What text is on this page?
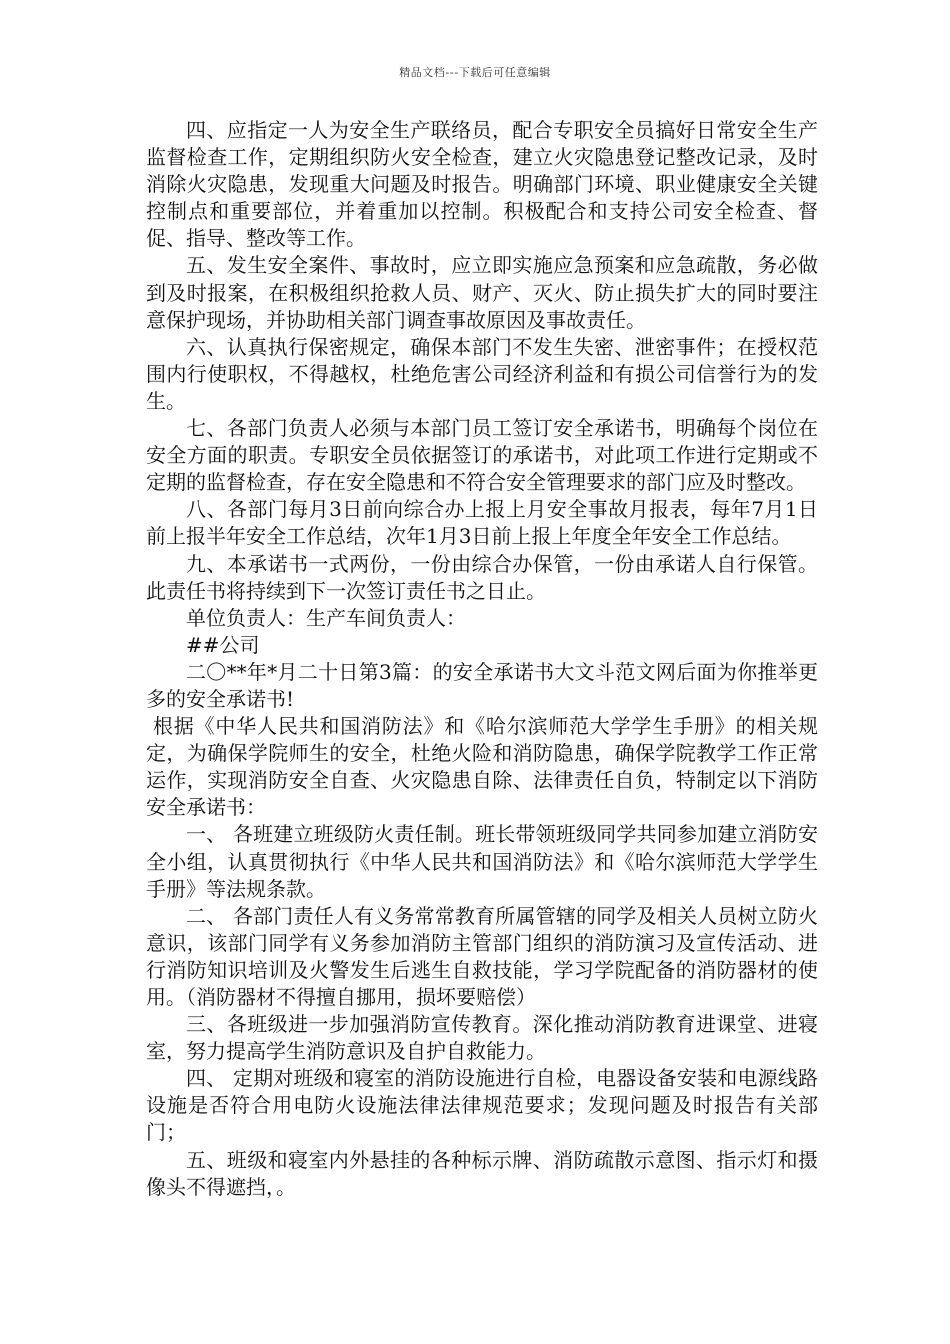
精品文档---下载后可任意编辑

四、应指定一人为安全生产联络员，配合专职安全员搞好日常安全生产监督检查工作，定期组织防火安全检查，建立火灾隐患登记整改记录，及时消除火灾隐患，发现重大问题及时报告。明确部门环境、职业健康安全关键控制点和重要部位，并着重加以控制。积极配合和支持公司安全检查、督促、指导、整改等工作。

五、发生安全案件、事故时，应立即实施应急预案和应急疏散，务必做到及时报案，在积极组织抢救人员、财产、灭火、防止损失扩大的同时要注意保护现场，并协助相关部门调查事故原因及事故责任。

六、认真执行保密规定，确保本部门不发生失密、泄密事件；在授权范围内行使职权，不得越权，杜绝危害公司经济利益和有损公司信誉行为的发生。

七、各部门负责人必须与本部门员工签订安全承诺书，明确每个岗位在安全方面的职责。专职安全员依据签订的承诺书，对此项工作进行定期或不定期的监督检查，存在安全隐患和不符合安全管理要求的部门应及时整改。

八、各部门每月3日前向综合办上报上月安全事故月报表，每年7月1日前上报半年安全工作总结，次年1月3日前上报上年度全年安全工作总结。

九、本承诺书一式两份，一份由综合办保管，一份由承诺人自行保管。此责任书将持续到下一次签订责任书之日止。

单位负责人：生产车间负责人：

##公司

二〇**年*月二十日第3篇：的安全承诺书大文斗范文网后面为你推举更多的安全承诺书!

根据《中华人民共和国消防法》和《哈尔滨师范大学学生手册》的相关规定，为确保学院师生的安全，杜绝火险和消防隐患，确保学院教学工作正常运作，实现消防安全自查、火灾隐患自除、法律责任自负，特制定以下消防安全承诺书：

一、 各班建立班级防火责任制。班长带领班级同学共同参加建立消防安全小组，认真贯彻执行《中华人民共和国消防法》和《哈尔滨师范大学学生手册》等法规条款。

二、 各部门责任人有义务常常教育所属管辖的同学及相关人员树立防火意识，该部门同学有义务参加消防主管部门组织的消防演习及宣传活动、进行消防知识培训及火警发生后逃生自救技能，学习学院配备的消防器材的使用。（消防器材不得擅自挪用，损坏要赔偿）

三、各班级进一步加强消防宣传教育。深化推动消防教育进课堂、进寝室，努力提高学生消防意识及自护自救能力。

四、 定期对班级和寝室的消防设施进行自检，电器设备安装和电源线路设施是否符合用电防火设施法律法律规范要求；发现问题及时报告有关部门；

五、班级和寝室内外悬挂的各种标示牌、消防疏散示意图、指示灯和摄像头不得遮挡，。
